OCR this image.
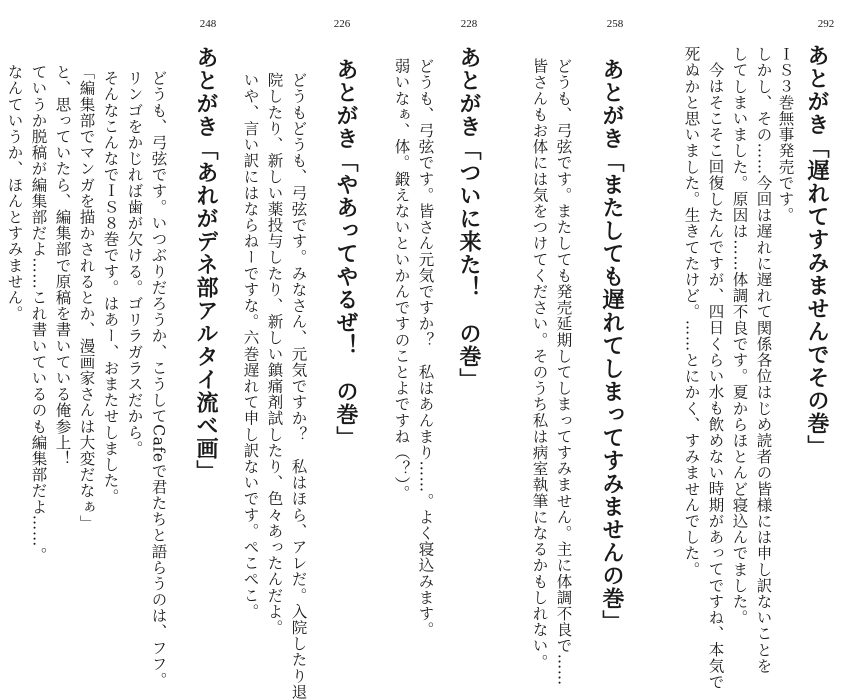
292
あとがき「遅れてすみませんでその巻」
ＩＳ３巻無事発売です。
しかし、その……今回は遅れに遅れて関係各位はじめ読者の皆様には申し訳ないことを
してしまいました。原因は……体調不良です。夏からほとんど寝込んでました。
今はそこそこ回復したんですが、四日くらい水も飲めない時期があってですね、本気で
死ぬかと思いました。生きてたけど。……とにかく、すみませんでした。
258
あとがき「またしても遅れてしまってすみませんの巻」
どうも、弓弦です。またしても発売延期してしまってすみません。主に体調不良で……
皆さんもお体には気をつけてください。そのうち私は病室執筆になるかもしれない。
228
あとがき「ついに来た！　の巻」
どうも、弓弦です。皆さん元気ですか？　私はあんまり……。よく寝込みます。
弱いなぁ、体。鍛えないといかんですのことよですね（？）。
226
あとがき「やあってやるぜ！　の巻」
どうもどうも、弓弦です。みなさん、元気ですか？　私はほら、アレだ。入院したり退
院したり、新しい薬投与したり、新しい鎮痛剤試したり、色々あったんだよ。
いや、言い訳にはならねーですな。六巻遅れて申し訳ないです。ぺこぺこ。
248
あとがき「あれがデネ部アルタイ流べ画」
どうも、弓弦です。いつぶりだろうか、こうしてCafeで君たちと語らうのは、フフ。
リンゴをかじれば歯が欠ける。ゴリラガラスだから。
そんなこんなでＩＳ８巻です。はあー、おまたせしました。
「編集部でマンガを描かされるとか、漫画家さんは大変だなぁ」
と、思っていたら、編集部で原稿を書いている俺参上！
ていうか脱稿が編集部だよ……これ書いているのも編集部だよ……。
なんていうか、ほんとすみません。
